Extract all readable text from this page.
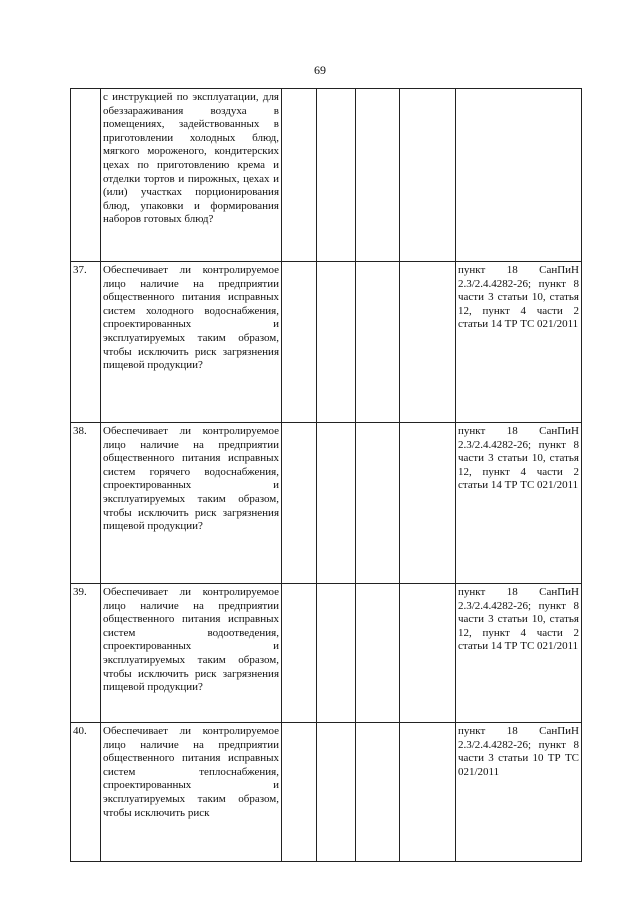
69
	с инструкцией по эксплуатации, для обеззараживания воздуха в помещениях, задействованных в приготовлении холодных блюд, мягкого мороженого, кондитерских цехах по приготовлению крема и отделки тортов и пирожных, цехах и (или) участках порционирования блюд, упаковки и формирования наборов готовых блюд?					
37.	Обеспечивает ли контролируемое лицо наличие на предприятии общественного питания исправных систем холодного водоснабжения, спроектированных и эксплуатируемых таким образом, чтобы исключить риск загрязнения пищевой продукции?					пункт 18 СанПиН 2.3/2.4.4282-26; пункт 8 части 3 статьи 10, статья 12, пункт 4 части 2 статьи 14 ТР ТС 021/2011
38.	Обеспечивает ли контролируемое лицо наличие на предприятии общественного питания исправных систем горячего водоснабжения, спроектированных и эксплуатируемых таким образом, чтобы исключить риск загрязнения пищевой продукции?					пункт 18 СанПиН 2.3/2.4.4282-26; пункт 8 части 3 статьи 10, статья 12, пункт 4 части 2 статьи 14 ТР ТС 021/2011
39.	Обеспечивает ли контролируемое лицо наличие на предприятии общественного питания исправных систем водоотведения, спроектированных и эксплуатируемых таким образом, чтобы исключить риск загрязнения пищевой продукции?					пункт 18 СанПиН 2.3/2.4.4282-26; пункт 8 части 3 статьи 10, статья 12, пункт 4 части 2 статьи 14 ТР ТС 021/2011
40.	Обеспечивает ли контролируемое лицо наличие на предприятии общественного питания исправных систем теплоснабжения, спроектированных и эксплуатируемых таким образом, чтобы исключить риск					пункт 18 СанПиН 2.3/2.4.4282-26; пункт 8 части 3 статьи 10 ТР ТС 021/2011
